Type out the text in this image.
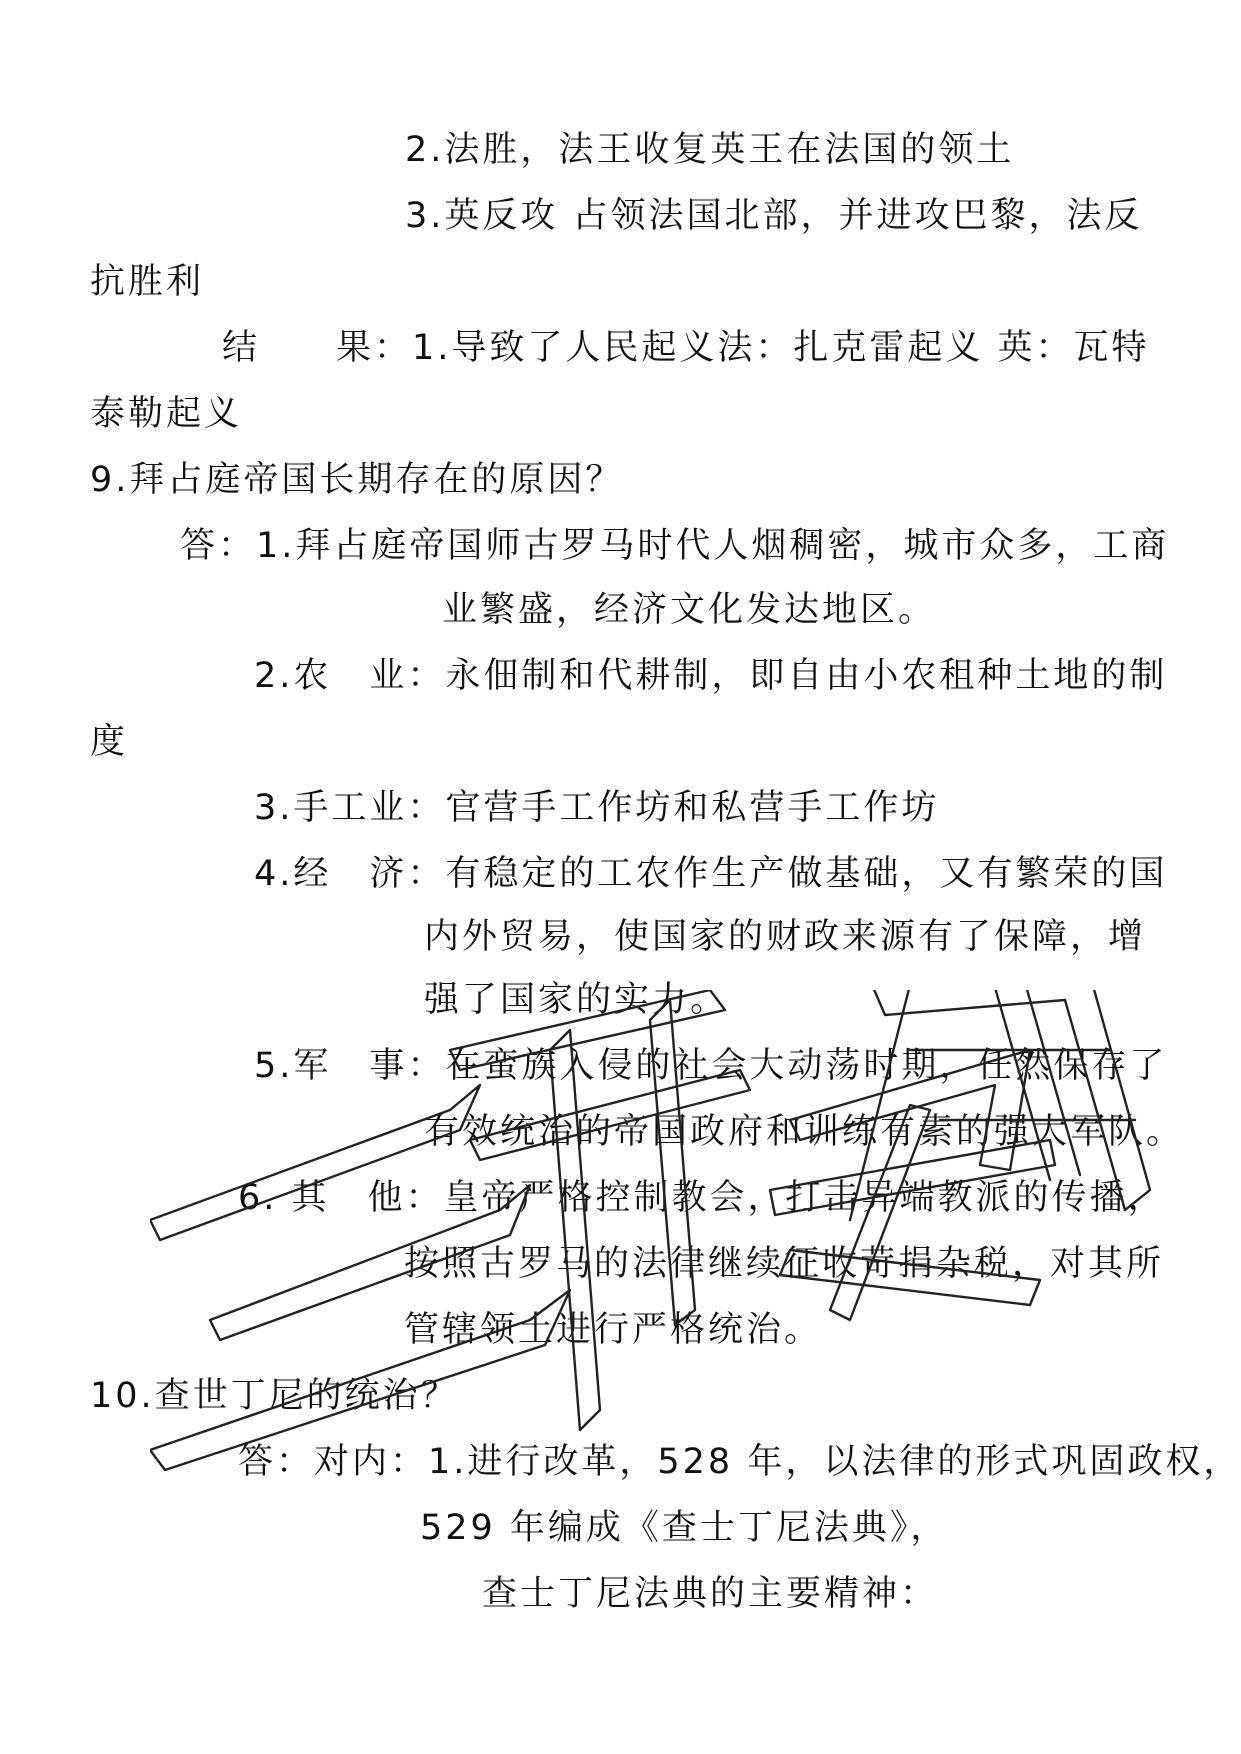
2.法胜，法王收复英王在法国的领土
3.英反攻 占领法国北部，并进攻巴黎，法反
抗胜利
结　　果：1.导致了人民起义法：扎克雷起义 英：瓦特
泰勒起义
9.拜占庭帝国长期存在的原因？
答：1.拜占庭帝国师古罗马时代人烟稠密，城市众多，工商
业繁盛，经济文化发达地区。
2.农　业：永佃制和代耕制，即自由小农租种土地的制
度
3.手工业：官营手工作坊和私营手工作坊
4.经　济：有稳定的工农作生产做基础，又有繁荣的国
内外贸易，使国家的财政来源有了保障，增
强了国家的实力。
5.军　事：在蛮族入侵的社会大动荡时期，任然保存了
有效统治的帝国政府和训练有素的强大军队。
6. 其　他：皇帝严格控制教会，打击异端教派的传播，
按照古罗马的法律继续征收苛捐杂税，对其所
管辖领土进行严格统治。
10.查世丁尼的统治？
答：对内：1.进行改革，528 年，以法律的形式巩固政权，
529 年编成《查士丁尼法典》，
查士丁尼法典的主要精神：
